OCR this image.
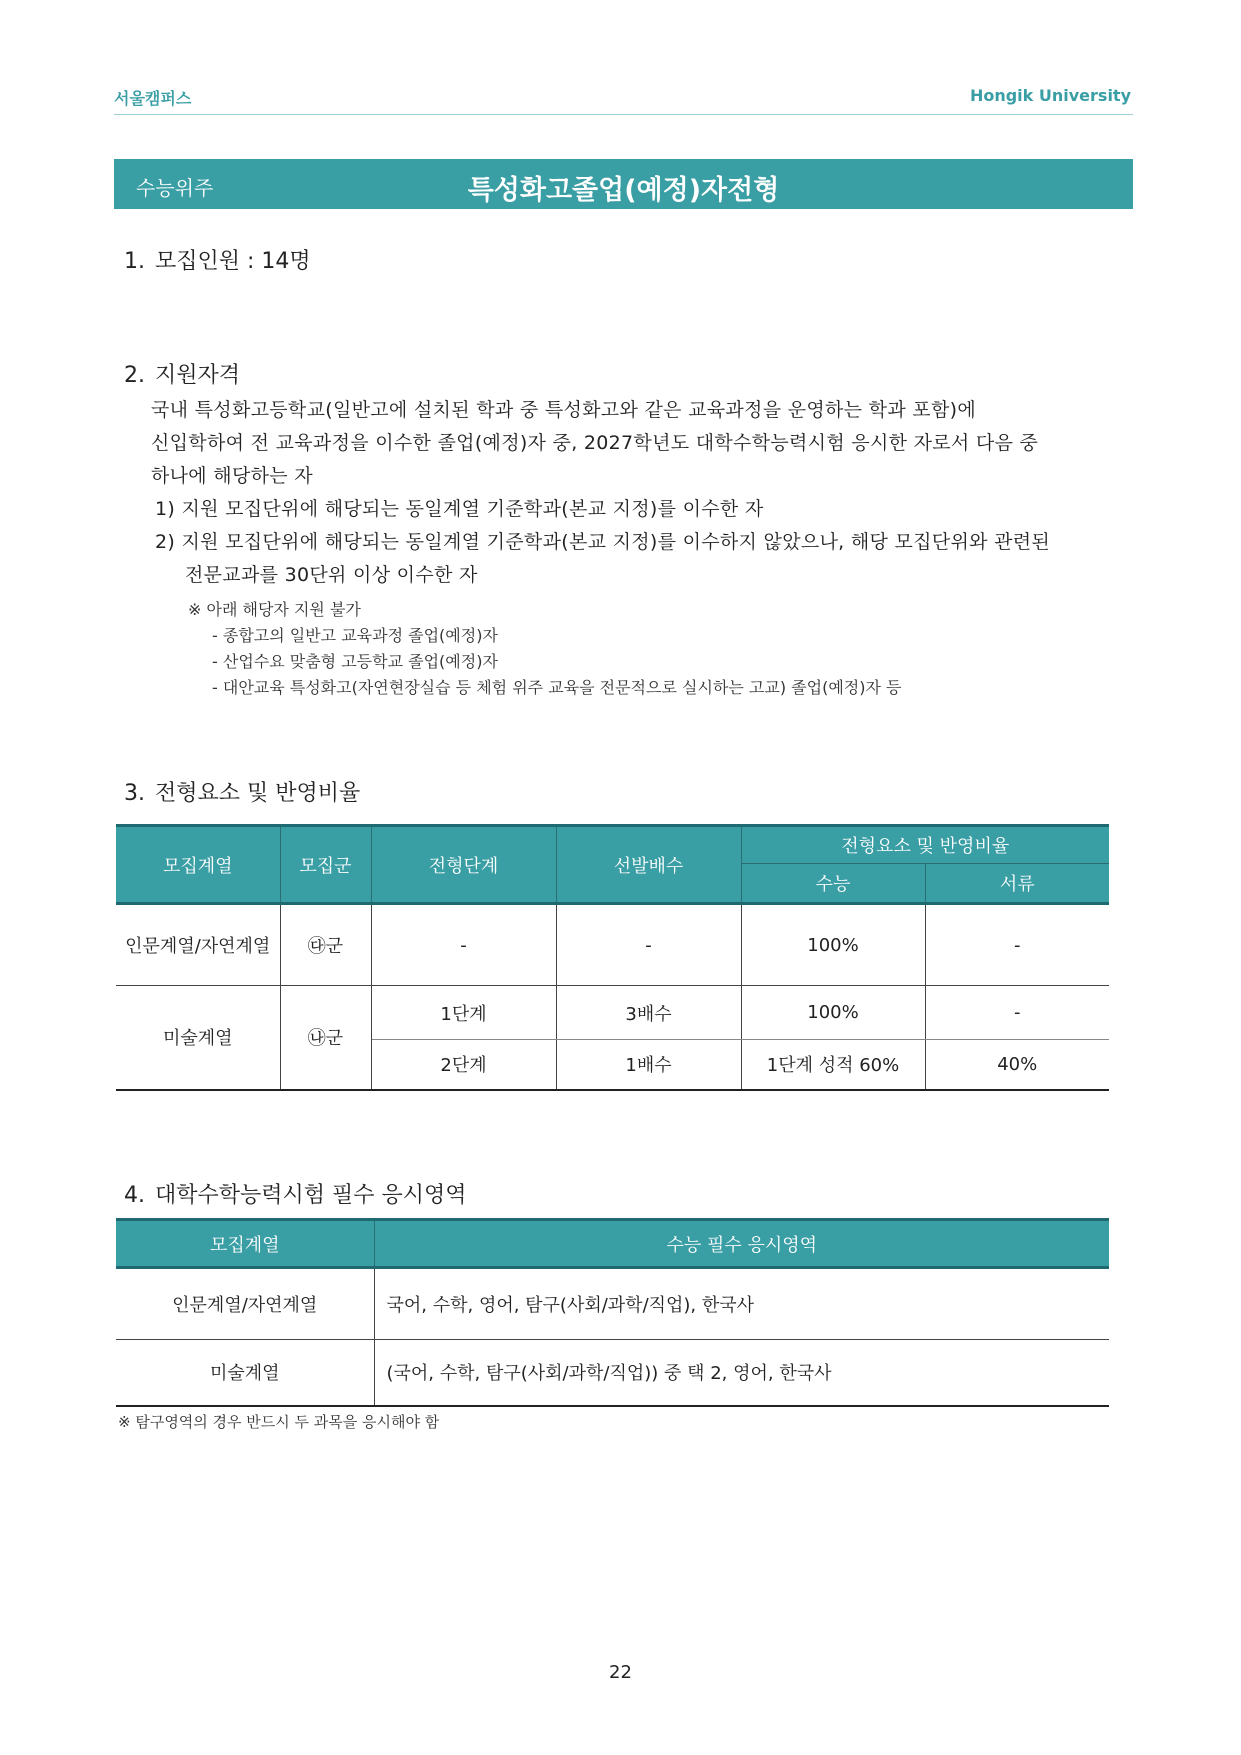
서울캠퍼스	Hongik University
수능위주	특성화고졸업(예정)자전형
1. 모집인원 : 14명
2. 지원자격
국내 특성화고등학교(일반고에 설치된 학과 중 특성화고와 같은 교육과정을 운영하는 학과 포함)에
신입학하여 전 교육과정을 이수한 졸업(예정)자 중, 2027학년도 대학수학능력시험 응시한 자로서 다음 중
하나에 해당하는 자
1) 지원 모집단위에 해당되는 동일계열 기준학과(본교 지정)를 이수한 자
2) 지원 모집단위에 해당되는 동일계열 기준학과(본교 지정)를 이수하지 않았으나, 해당 모집단위와 관련된
전문교과를 30단위 이상 이수한 자
※ 아래 해당자 지원 불가
- 종합고의 일반고 교육과정 졸업(예정)자
- 산업수요 맞춤형 고등학교 졸업(예정)자
- 대안교육 특성화고(자연현장실습 등 체험 위주 교육을 전문적으로 실시하는 고교) 졸업(예정)자 등
3. 전형요소 및 반영비율
모집계열	모집군	전형단계	선발배수	전형요소 및 반영비율	
				수능	서류
인문계열/자연계열	㉰군	-	-	100%	-
미술계열	㉯군	1단계	3배수	100%	-
		2단계	1배수	1단계 성적 60%	40%
4. 대학수학능력시험 필수 응시영역
모집계열	수능 필수 응시영역
인문계열/자연계열	국어, 수학, 영어, 탐구(사회/과학/직업), 한국사
미술계열	(국어, 수학, 탐구(사회/과학/직업)) 중 택 2, 영어, 한국사
※ 탐구영역의 경우 반드시 두 과목을 응시해야 함
22
